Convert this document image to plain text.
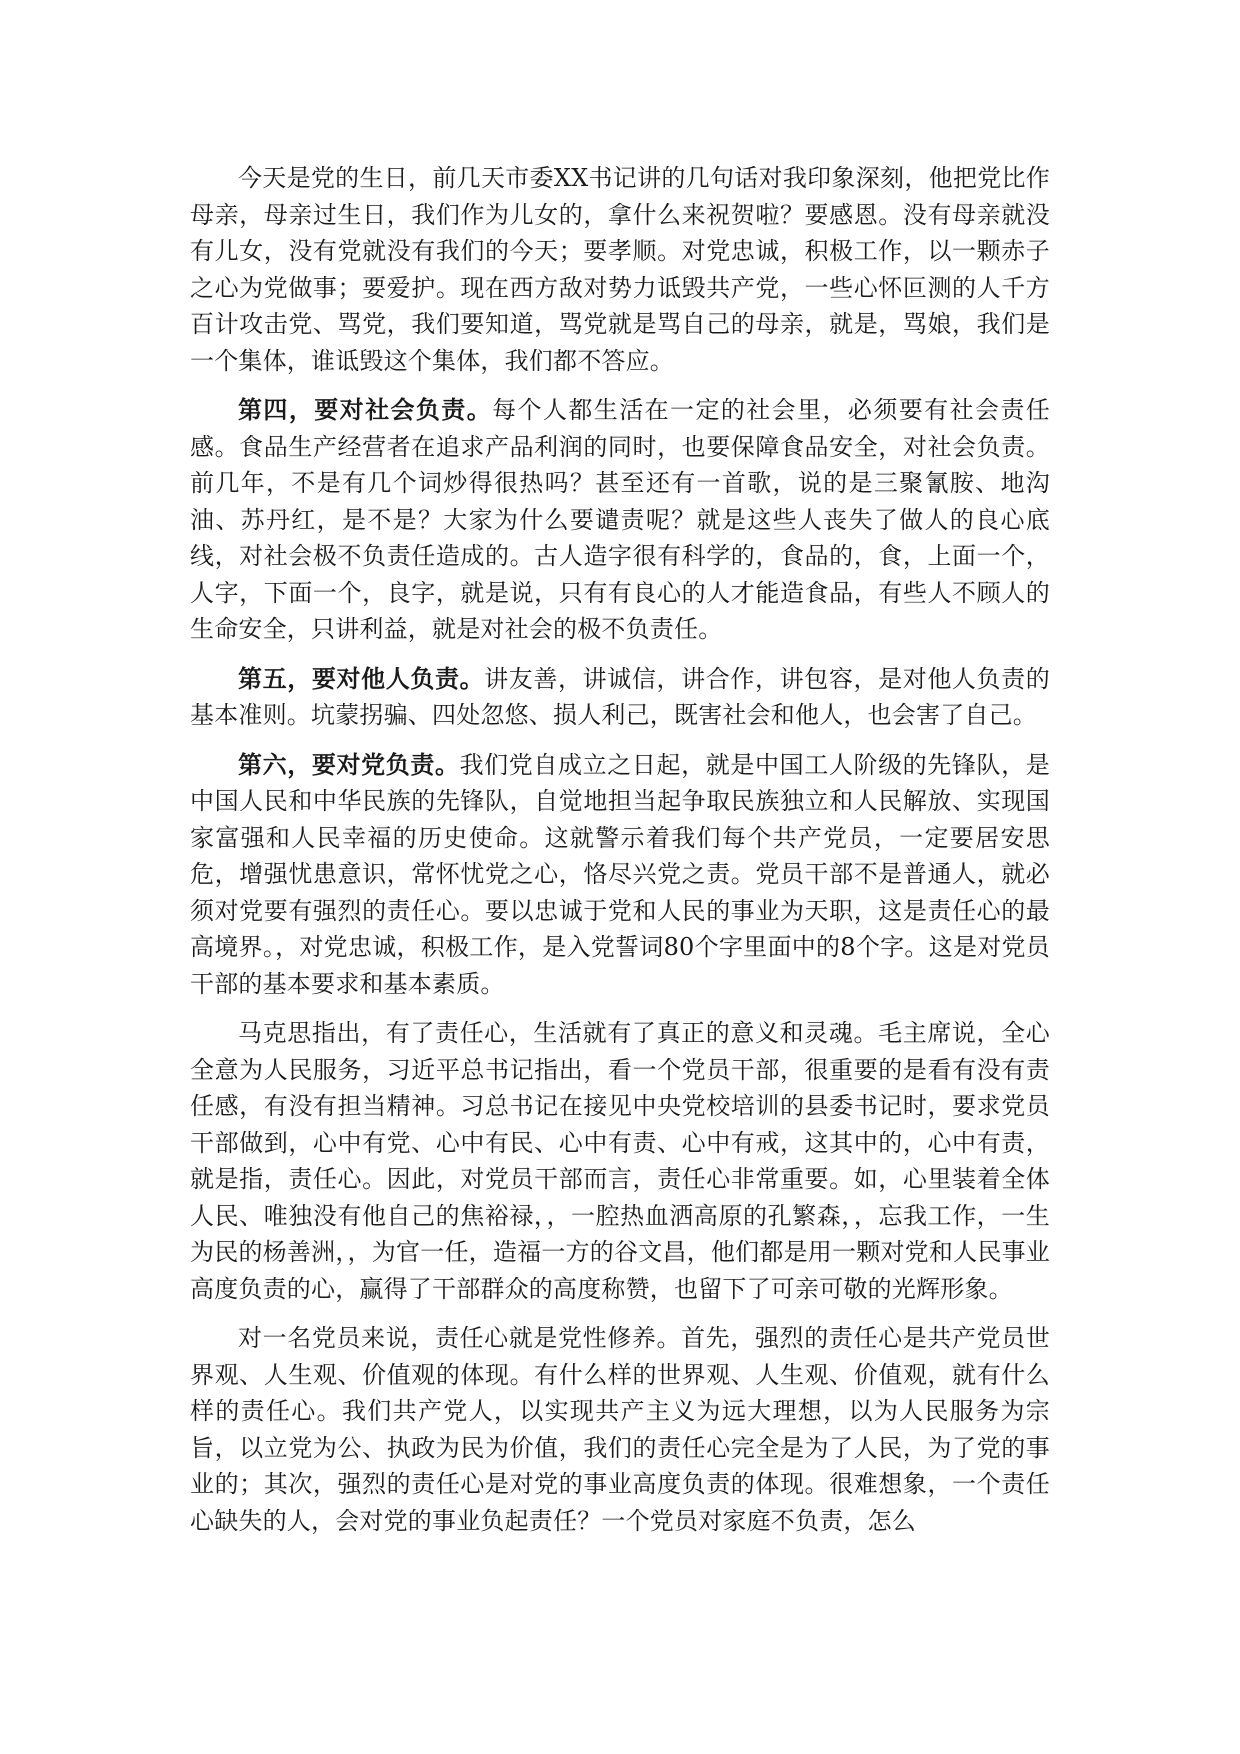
今天是党的生日，前几天市委XX书记讲的几句话对我印象深刻，他把党比作母亲，母亲过生日，我们作为儿女的，拿什么来祝贺啦？要感恩。没有母亲就没有儿女，没有党就没有我们的今天；要孝顺。对党忠诚，积极工作，以一颗赤子之心为党做事；要爱护。现在西方敌对势力诋毁共产党，一些心怀叵测的人千方百计攻击党、骂党，我们要知道，骂党就是骂自己的母亲，就是，骂娘，我们是一个集体，谁诋毁这个集体，我们都不答应。

第四，要对社会负责。每个人都生活在一定的社会里，必须要有社会责任感。食品生产经营者在追求产品利润的同时，也要保障食品安全，对社会负责。前几年，不是有几个词炒得很热吗？甚至还有一首歌，说的是三聚氰胺、地沟油、苏丹红，是不是？大家为什么要谴责呢？就是这些人丧失了做人的良心底线，对社会极不负责任造成的。古人造字很有科学的，食品的，食，上面一个，人字，下面一个，良字，就是说，只有有良心的人才能造食品，有些人不顾人的生命安全，只讲利益，就是对社会的极不负责任。

第五，要对他人负责。讲友善，讲诚信，讲合作，讲包容，是对他人负责的基本准则。坑蒙拐骗、四处忽悠、损人利己，既害社会和他人，也会害了自己。

第六，要对党负责。我们党自成立之日起，就是中国工人阶级的先锋队，是中国人民和中华民族的先锋队，自觉地担当起争取民族独立和人民解放、实现国家富强和人民幸福的历史使命。这就警示着我们每个共产党员，一定要居安思危，增强忧患意识，常怀忧党之心，恪尽兴党之责。党员干部不是普通人，就必须对党要有强烈的责任心。要以忠诚于党和人民的事业为天职，这是责任心的最高境界。，对党忠诚，积极工作，是入党誓词80个字里面中的8个字。这是对党员干部的基本要求和基本素质。

马克思指出，有了责任心，生活就有了真正的意义和灵魂。毛主席说，全心全意为人民服务，习近平总书记指出，看一个党员干部，很重要的是看有没有责任感，有没有担当精神。习总书记在接见中央党校培训的县委书记时，要求党员干部做到，心中有党、心中有民、心中有责、心中有戒，这其中的，心中有责，就是指，责任心。因此，对党员干部而言，责任心非常重要。如，心里装着全体人民、唯独没有他自己的焦裕禄，，一腔热血洒高原的孔繁森，，忘我工作，一生为民的杨善洲，，为官一任，造福一方的谷文昌，他们都是用一颗对党和人民事业高度负责的心，赢得了干部群众的高度称赞，也留下了可亲可敬的光辉形象。

对一名党员来说，责任心就是党性修养。首先，强烈的责任心是共产党员世界观、人生观、价值观的体现。有什么样的世界观、人生观、价值观，就有什么样的责任心。我们共产党人，以实现共产主义为远大理想，以为人民服务为宗旨，以立党为公、执政为民为价值，我们的责任心完全是为了人民，为了党的事业的；其次，强烈的责任心是对党的事业高度负责的体现。很难想象，一个责任心缺失的人，会对党的事业负起责任？一个党员对家庭不负责，怎么
